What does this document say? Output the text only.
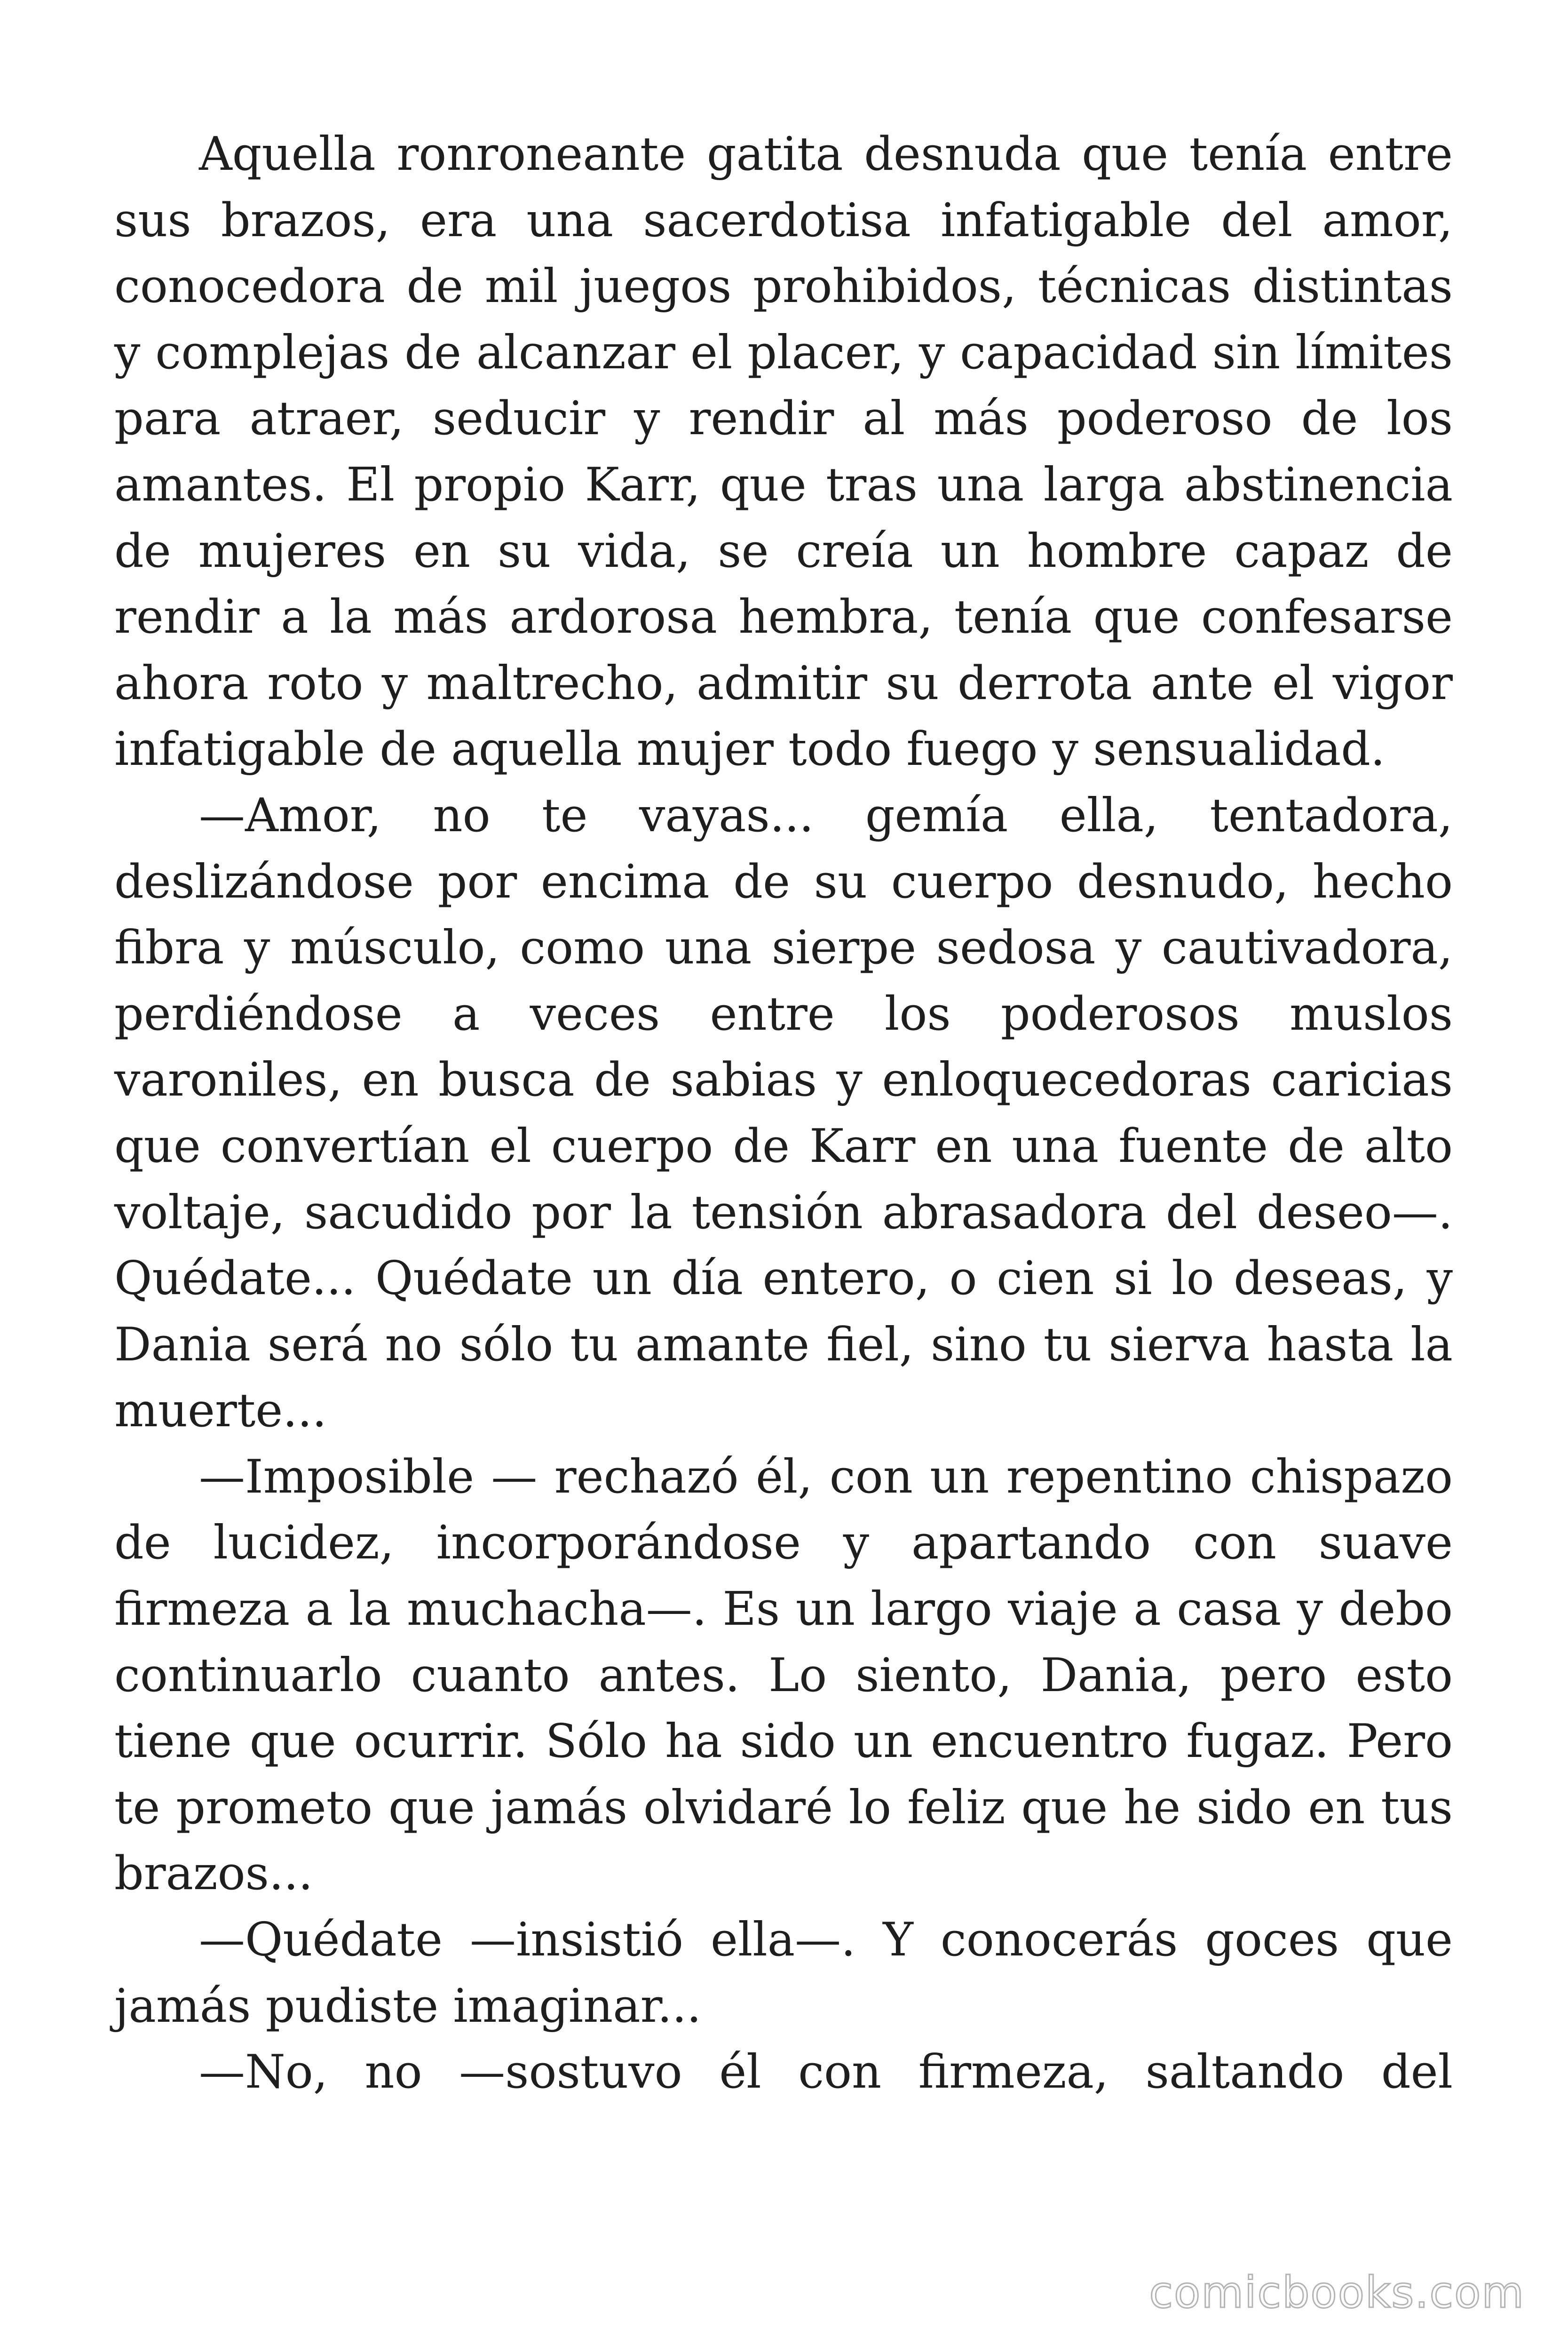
Aquella ronroneante gatita desnuda que tenía entre sus brazos, era una sacerdotisa infatigable del amor, conocedora de mil juegos prohibidos, técnicas distintas y complejas de alcanzar el placer, y capacidad sin límites para atraer, seducir y rendir al más poderoso de los amantes. El propio Karr, que tras una larga abstinencia de mujeres en su vida, se creía un hombre capaz de rendir a la más ardorosa hembra, tenía que confesarse ahora roto y maltrecho, admitir su derrota ante el vigor infatigable de aquella mujer todo fuego y sensualidad.

—Amor, no te vayas... gemía ella, tentadora, deslizándose por encima de su cuerpo desnudo, hecho fibra y músculo, como una sierpe sedosa y cautivadora, perdiéndose a veces entre los poderosos muslos varoniles, en busca de sabias y enloquecedoras caricias que convertían el cuerpo de Karr en una fuente de alto voltaje, sacudido por la tensión abrasadora del deseo—. Quédate... Quédate un día entero, o cien si lo deseas, y Dania será no sólo tu amante fiel, sino tu sierva hasta la muerte...

—Imposible — rechazó él, con un repentino chispazo de lucidez, incorporándose y apartando con suave firmeza a la muchacha—. Es un largo viaje a casa y debo continuarlo cuanto antes. Lo siento, Dania, pero esto tiene que ocurrir. Sólo ha sido un encuentro fugaz. Pero te prometo que jamás olvidaré lo feliz que he sido en tus brazos...

—Quédate —insistió ella—. Y conocerás goces que jamás pudiste imaginar...

—No, no —sostuvo él con firmeza, saltando del

comicbooks.com
